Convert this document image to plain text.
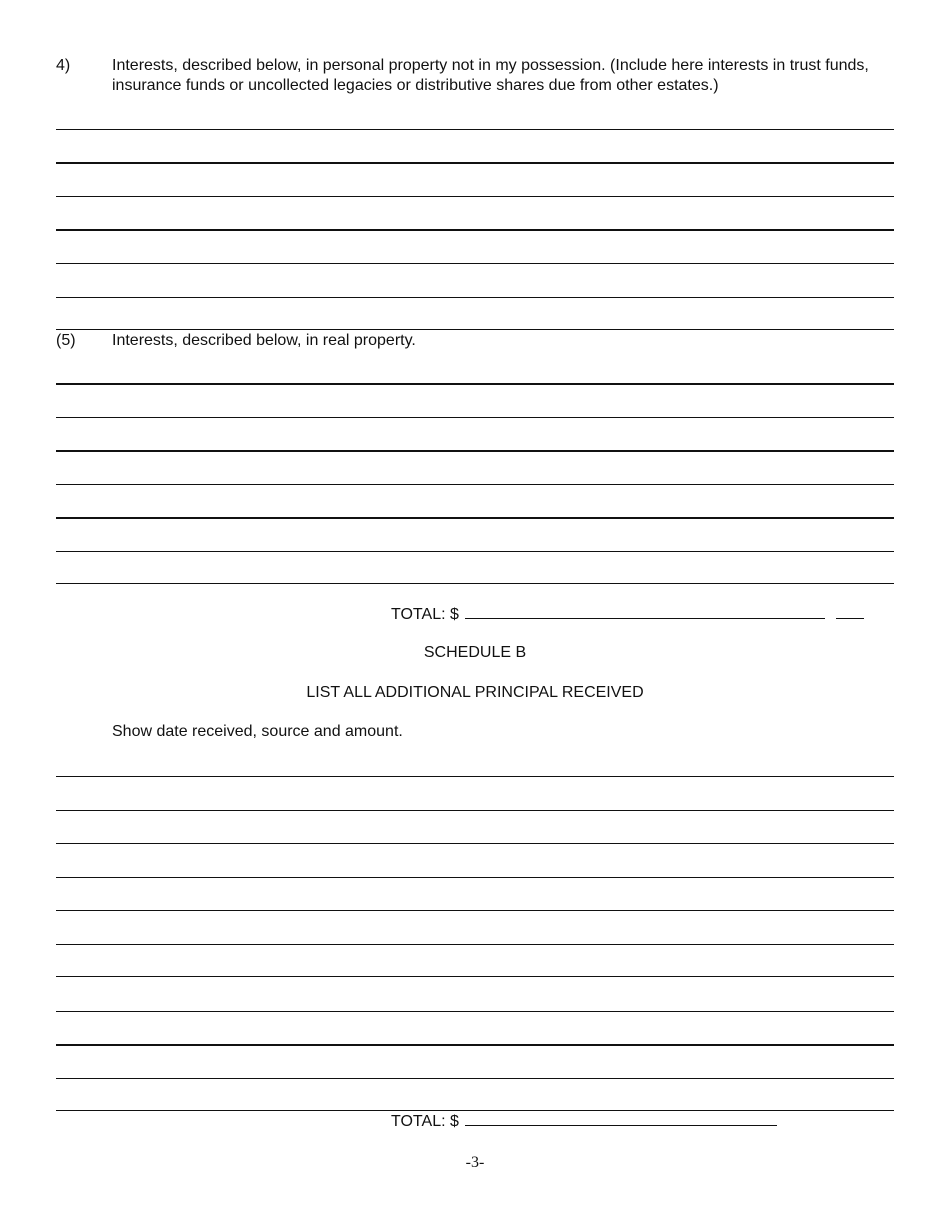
4)	Interests, described below, in personal property not in my possession. (Include here interests in trust funds, insurance funds or uncollected legacies or distributive shares due from other estates.)
(5) Interests, described below, in real property.
TOTAL: $
SCHEDULE B
LIST ALL ADDITIONAL PRINCIPAL RECEIVED
Show date received, source and amount.
TOTAL: $
-3-
